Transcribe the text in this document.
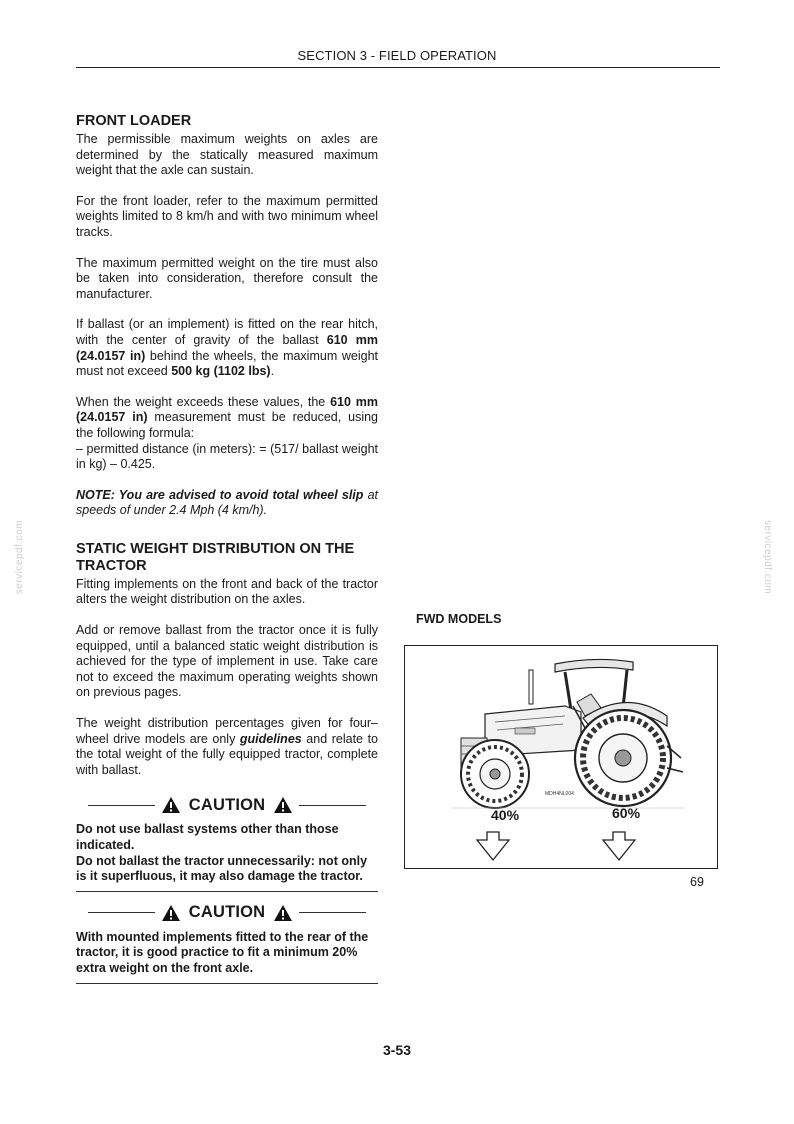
SECTION 3 - FIELD OPERATION
servicepdf.com	servicepdf.com
FRONT LOADER

The permissible maximum weights on axles are determined by the statically measured maximum weight that the axle can sustain.

For the front loader, refer to the maximum permitted weights limited to 8 km/h and with two minimum wheel tracks.

The maximum permitted weight on the tire must also be taken into consideration, therefore consult the manufacturer.

If ballast (or an implement) is fitted on the rear hitch, with the center of gravity of the ballast 610 mm (24.0157 in) behind the wheels, the maximum weight must not exceed 500 kg (1102 lbs).

When the weight exceeds these values, the 610 mm (24.0157 in) measurement must be reduced, using the following formula:

– permitted distance (in meters): = (517/ ballast weight in kg) – 0.425.

NOTE: You are advised to avoid total wheel slip at speeds of under 2.4 Mph (4 km/h).

STATIC WEIGHT DISTRIBUTION ON THE TRACTOR

Fitting implements on the front and back of the tractor alters the weight distribution on the axles.

Add or remove ballast from the tractor once it is fully equipped, until a balanced static weight distribution is achieved for the type of implement in use. Take care not to exceed the maximum operating weights shown on previous pages.

The weight distribution percentages given for four–wheel drive models are only guidelines and relate to the total weight of the fully equipped tractor, complete with ballast.

CAUTION
Do not use ballast systems other than those indicated.
Do not ballast the tractor unnecessarily: not only is it superfluous, it may also damage the tractor.
CAUTION
With mounted implements fitted to the rear of the tractor, it is good practice to fit a minimum 20% extra weight on the front axle.
FWD MODELS
MDH4NL004
40%	60%
69
3-53
